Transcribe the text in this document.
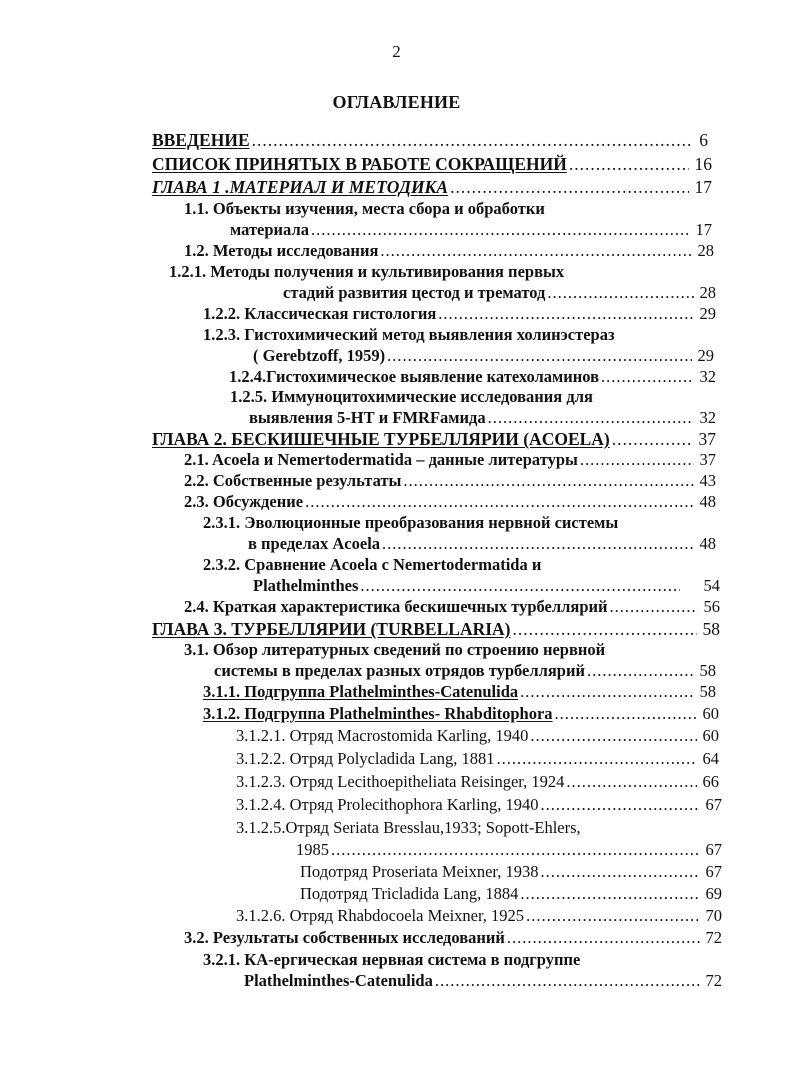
2
ОГЛАВЛЕНИЕ
ВВЕДЕНИЕ .....	6
СПИСОК ПРИНЯТЫХ В РАБОТЕ СОКРАЩЕНИЙ .....	16
ГЛАВА 1 .МАТЕРИАЛ И МЕТОДИКА .....	17
1.1. Объекты изучения, места сбора и обработки
материала .....	17
1.2. Методы исследования .....	28
1.2.1. Методы получения и культивирования первых
стадий развития цестод и трематод .....	28
1.2.2. Классическая гистология .....	29
1.2.3. Гистохимический метод выявления холинэстераз
( Gerebtzoff, 1959) .....	29
1.2.4.Гистохимическое выявление катехоламинов .....	32
1.2.5. Иммуноцитохимические исследования для
выявления 5-НТ и FMRFамида .....	32
ГЛАВА 2. БЕСКИШЕЧНЫЕ ТУРБЕЛЛЯРИИ (ACOELA) .....	37
2.1. Acoela и Nemertodermatida – данные литературы .....	37
2.2. Собственные результаты .....	43
2.3. Обсуждение .....	48
2.3.1. Эволюционные преобразования нервной системы
в пределах Acoela .....	48
2.3.2. Сравнение Acoela с Nemertodermatida и
Plathelminthes .....	54
2.4. Краткая характеристика бескишечных турбеллярий .....	56
ГЛАВА 3. ТУРБЕЛЛЯРИИ (TURBELLARIA) .....	58
3.1. Обзор литературных сведений по строению нервной
системы в пределах разных отрядов турбеллярий .....	58
3.1.1. Подгруппа Plathelminthes-Catenulida .....	58
3.1.2. Подгруппа Plathelminthes- Rhabditophora .....	60
3.1.2.1. Отряд Macrostomida Karling, 1940 .....	60
3.1.2.2. Отряд Polycladida Lang, 1881 .....	64
3.1.2.3. Отряд Lecithoepitheliata Reisinger, 1924 .....	66
3.1.2.4. Отряд Prolecithophora Karling, 1940 .....	67
3.1.2.5.Отряд Seriata Bresslau,1933; Sopott-Ehlers,
1985 .....	67
Подотряд Proseriata Meixner, 1938 .....	67
Подотряд Tricladida Lang, 1884 .....	69
3.1.2.6. Отряд Rhabdocoela Meixner, 1925 .....	70
3.2. Результаты собственных исследований .....	72
3.2.1. КА-ергическая нервная система в подгруппе
Plathelminthes-Catenulida .....	72
